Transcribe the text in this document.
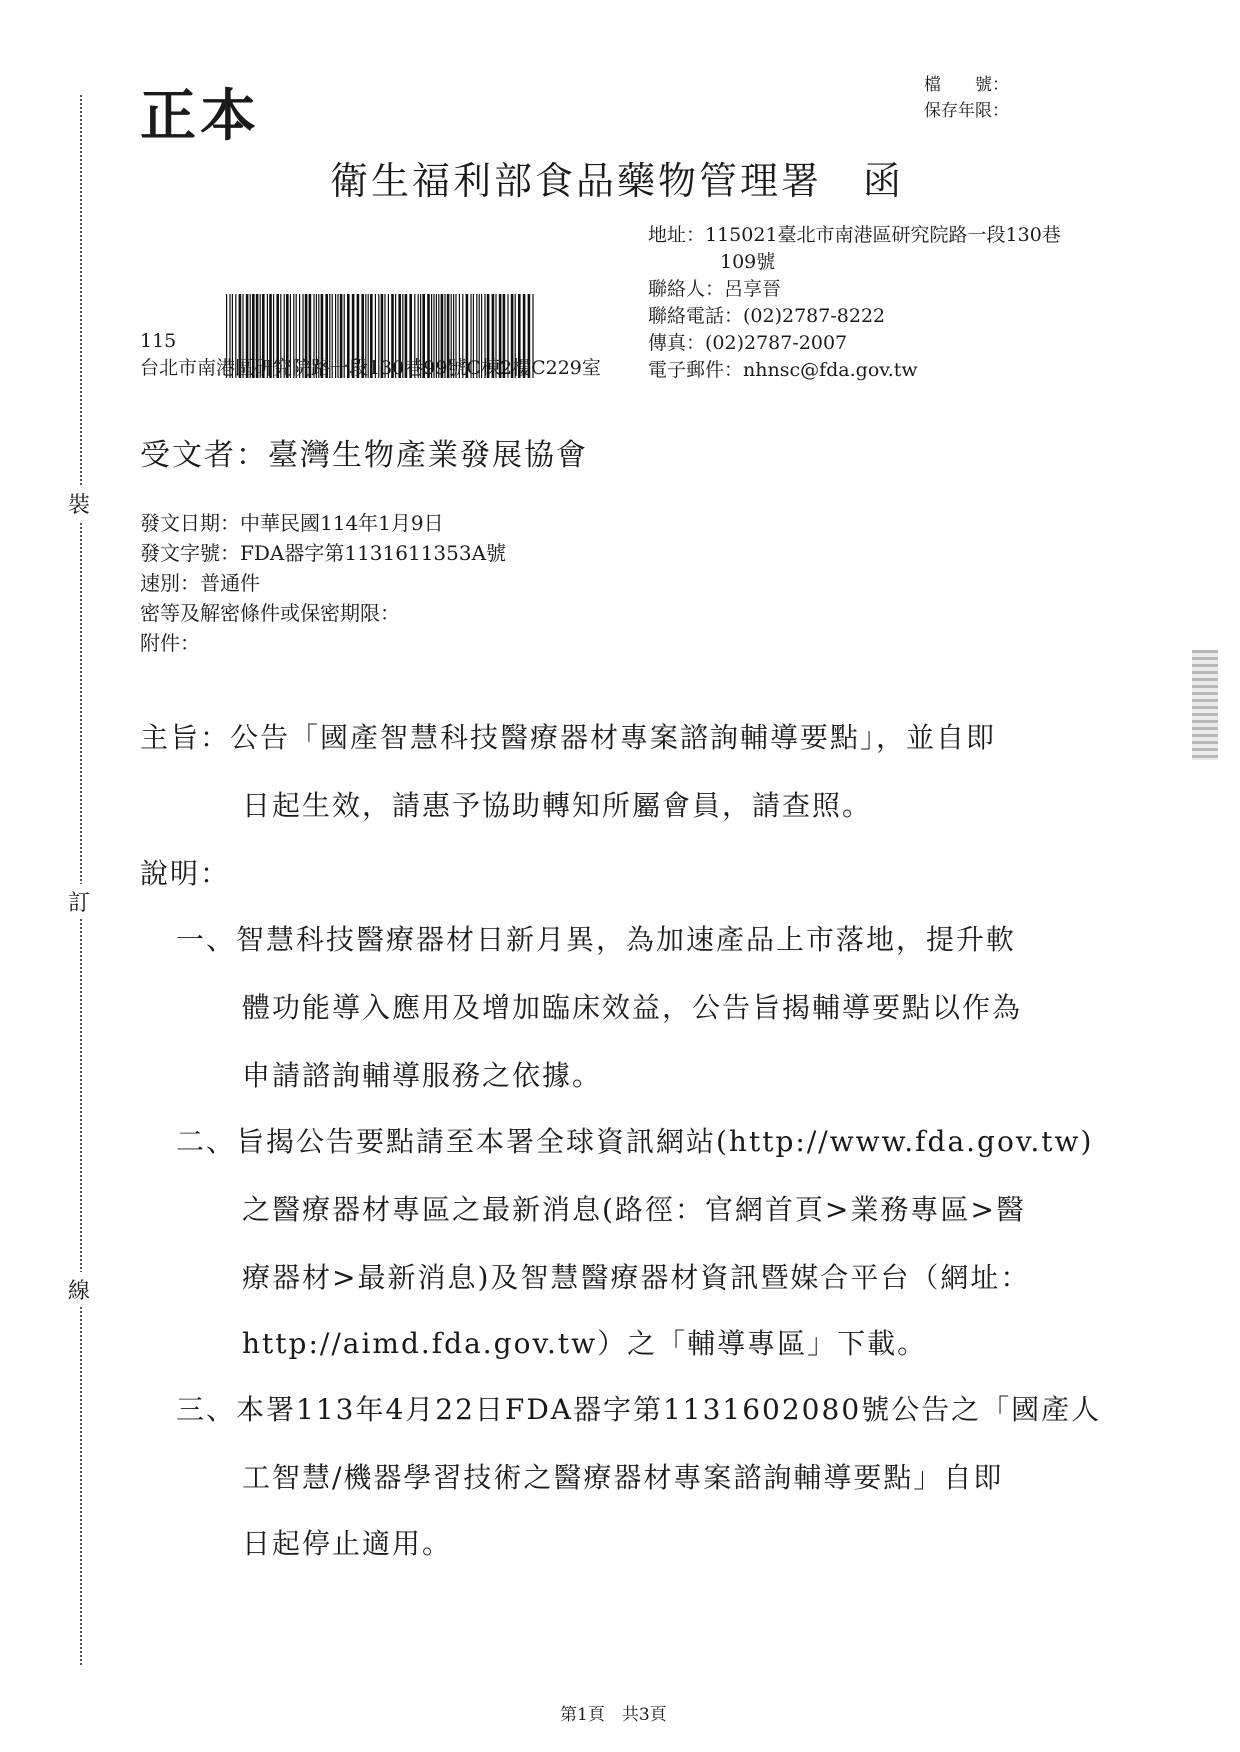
裝
訂
線
正本	檔　　號：
保存年限：
衛生福利部食品藥物管理署　函
地址：115021臺北市南港區研究院路一段130巷
109號
聯絡人：呂享晉
聯絡電話：(02)2787-8222
傳真：(02)2787-2007
電子郵件：nhnsc@fda.gov.tw
115
台北市南港區研究院路一段130巷99號C棟2樓C229室
受文者：臺灣生物產業發展協會
發文日期：中華民國114年1月9日
發文字號：FDA器字第1131611353A號
速別：普通件
密等及解密條件或保密期限：
附件：
主旨：公告「國產智慧科技醫療器材專案諮詢輔導要點」，並自即
日起生效，請惠予協助轉知所屬會員，請查照。
說明：
一、智慧科技醫療器材日新月異，為加速產品上市落地，提升軟
體功能導入應用及增加臨床效益，公告旨揭輔導要點以作為
申請諮詢輔導服務之依據。
二、旨揭公告要點請至本署全球資訊網站(http://www.fda.gov.tw)
之醫療器材專區之最新消息(路徑：官網首頁>業務專區>醫
療器材>最新消息)及智慧醫療器材資訊暨媒合平台（網址：
http://aimd.fda.gov.tw）之「輔導專區」下載。
三、本署113年4月22日FDA器字第1131602080號公告之「國產人
工智慧/機器學習技術之醫療器材專案諮詢輔導要點」自即
日起停止適用。
第1頁　共3頁
